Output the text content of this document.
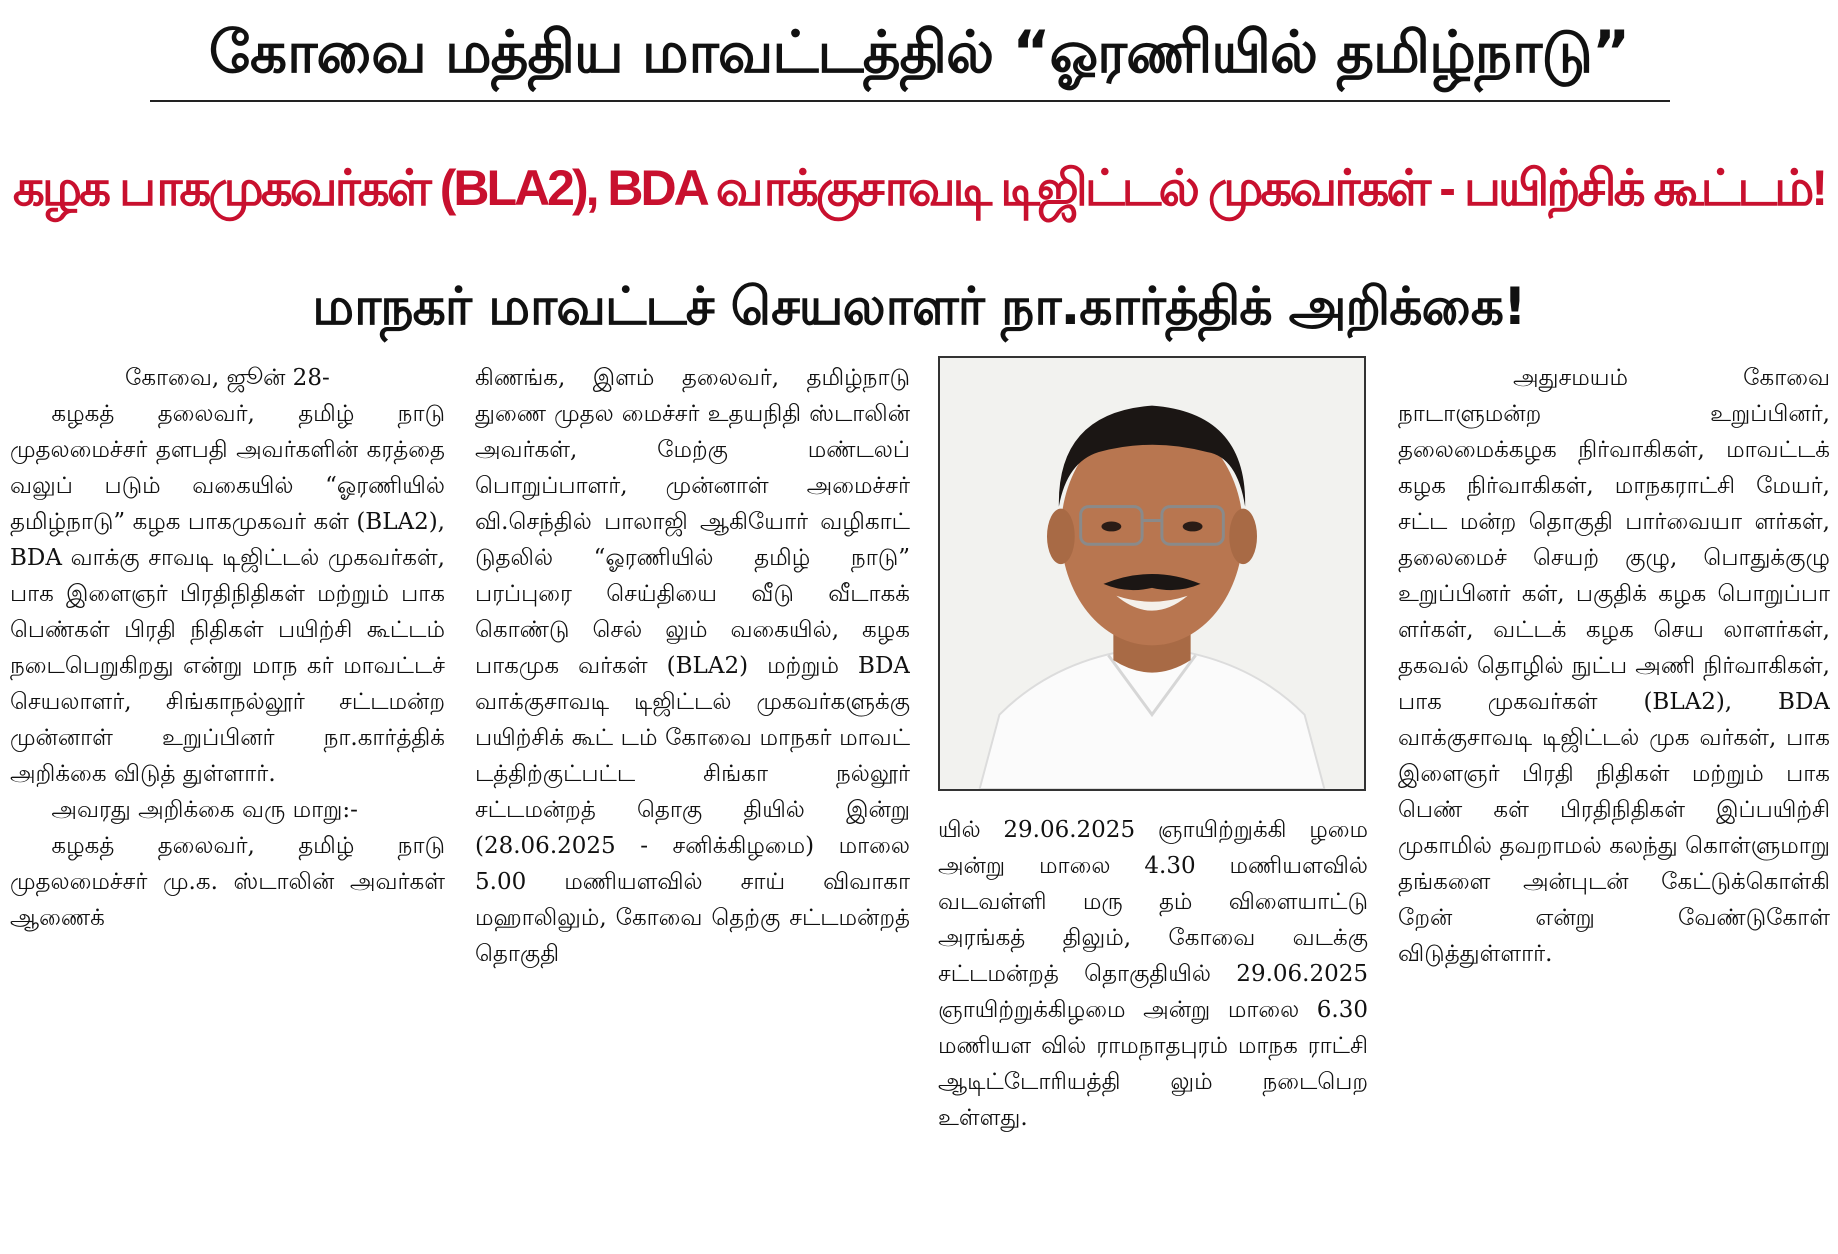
கோவை மத்திய மாவட்டத்தில் “ஓரணியில் தமிழ்நாடு”
கழக பாகமுகவர்கள் (BLA2), BDA வாக்குசாவடி டிஜிட்டல் முகவர்கள் - பயிற்சிக் கூட்டம்!
மாநகர் மாவட்டச் செயலாளர் நா.கார்த்திக் அறிக்கை!

கோவை, ஜூன் 28-

கழகத் தலைவர், தமிழ் நாடு முதலமைச்சர் தளபதி அவர்களின் கரத்தை வலுப் படும் வகையில் “ஓரணியில் தமிழ்நாடு” கழக பாகமுகவர் கள் (BLA2), BDA வாக்கு சாவடி டிஜிட்டல் முகவர்கள், பாக இளைஞர் பிரதிநிதிகள் மற்றும் பாக பெண்கள் பிரதி நிதிகள் பயிற்சி கூட்டம் நடைபெறுகிறது என்று மாந கர் மாவட்டச் செயலாளர், சிங்காநல்லூர் சட்டமன்ற முன்னாள் உறுப்பினர் நா.கார்த்திக் அறிக்கை விடுத் துள்ளார்.

அவரது அறிக்கை வரு மாறு:-

கழகத் தலைவர், தமிழ் நாடு முதலமைச்சர் மு.க. ஸ்டாலின் அவர்கள் ஆணைக்

கிணங்க, இளம் தலைவர், தமிழ்நாடு துணை முதல மைச்சர் உதயநிதி ஸ்டாலின் அவர்கள், மேற்கு மண்டலப் பொறுப்பாளர், முன்னாள் அமைச்சர் வி.செந்தில் பாலாஜி ஆகியோர் வழிகாட் டுதலில் “ஓரணியில் தமிழ் நாடு” பரப்புரை செய்தியை வீடு வீடாகக் கொண்டு செல் லும் வகையில், கழக பாகமுக வர்கள் (BLA2) மற்றும் BDA வாக்குசாவடி டிஜிட்டல் முகவர்களுக்கு பயிற்சிக் கூட் டம் கோவை மாநகர் மாவட் டத்திற்குட்பட்ட சிங்கா நல்லூர் சட்டமன்றத் தொகு தியில் இன்று (28.06.2025 - சனிக்கிழமை) மாலை 5.00 மணியளவில் சாய் விவாகா மஹாலிலும், கோவை தெற்கு சட்டமன்றத் தொகுதி

யில் 29.06.2025 ஞாயிற்றுக்கி ழமை அன்று மாலை 4.30 மணியளவில் வடவள்ளி மரு தம் விளையாட்டு அரங்கத் திலும், கோவை வடக்கு சட்டமன்றத் தொகுதியில் 29.06.2025 ஞாயிற்றுக்கிழமை அன்று மாலை 6.30 மணியள வில் ராமநாதபுரம் மாநக ராட்சி ஆடிட்டோரியத்தி லும் நடைபெற உள்ளது.

அதுசமயம் கோவை நாடாளுமன்ற உறுப்பினர், தலைமைக்கழக நிர்வாகிகள், மாவட்டக் கழக நிர்வாகிகள், மாநகராட்சி மேயர், சட்ட மன்ற தொகுதி பார்வையா ளர்கள், தலைமைச் செயற் குழு, பொதுக்குழு உறுப்பினர் கள், பகுதிக் கழக பொறுப்பா ளர்கள், வட்டக் கழக செய லாளர்கள், தகவல் தொழில் நுட்ப அணி நிர்வாகிகள், பாக முகவர்கள் (BLA2), BDA வாக்குசாவடி டிஜிட்டல் முக வர்கள், பாக இளைஞர் பிரதி நிதிகள் மற்றும் பாக பெண் கள் பிரதிநிதிகள் இப்பயிற்சி முகாமில் தவறாமல் கலந்து கொள்ளுமாறு தங்களை அன்புடன் கேட்டுக்கொள்கி றேன் என்று வேண்டுகோள் விடுத்துள்ளார்.
